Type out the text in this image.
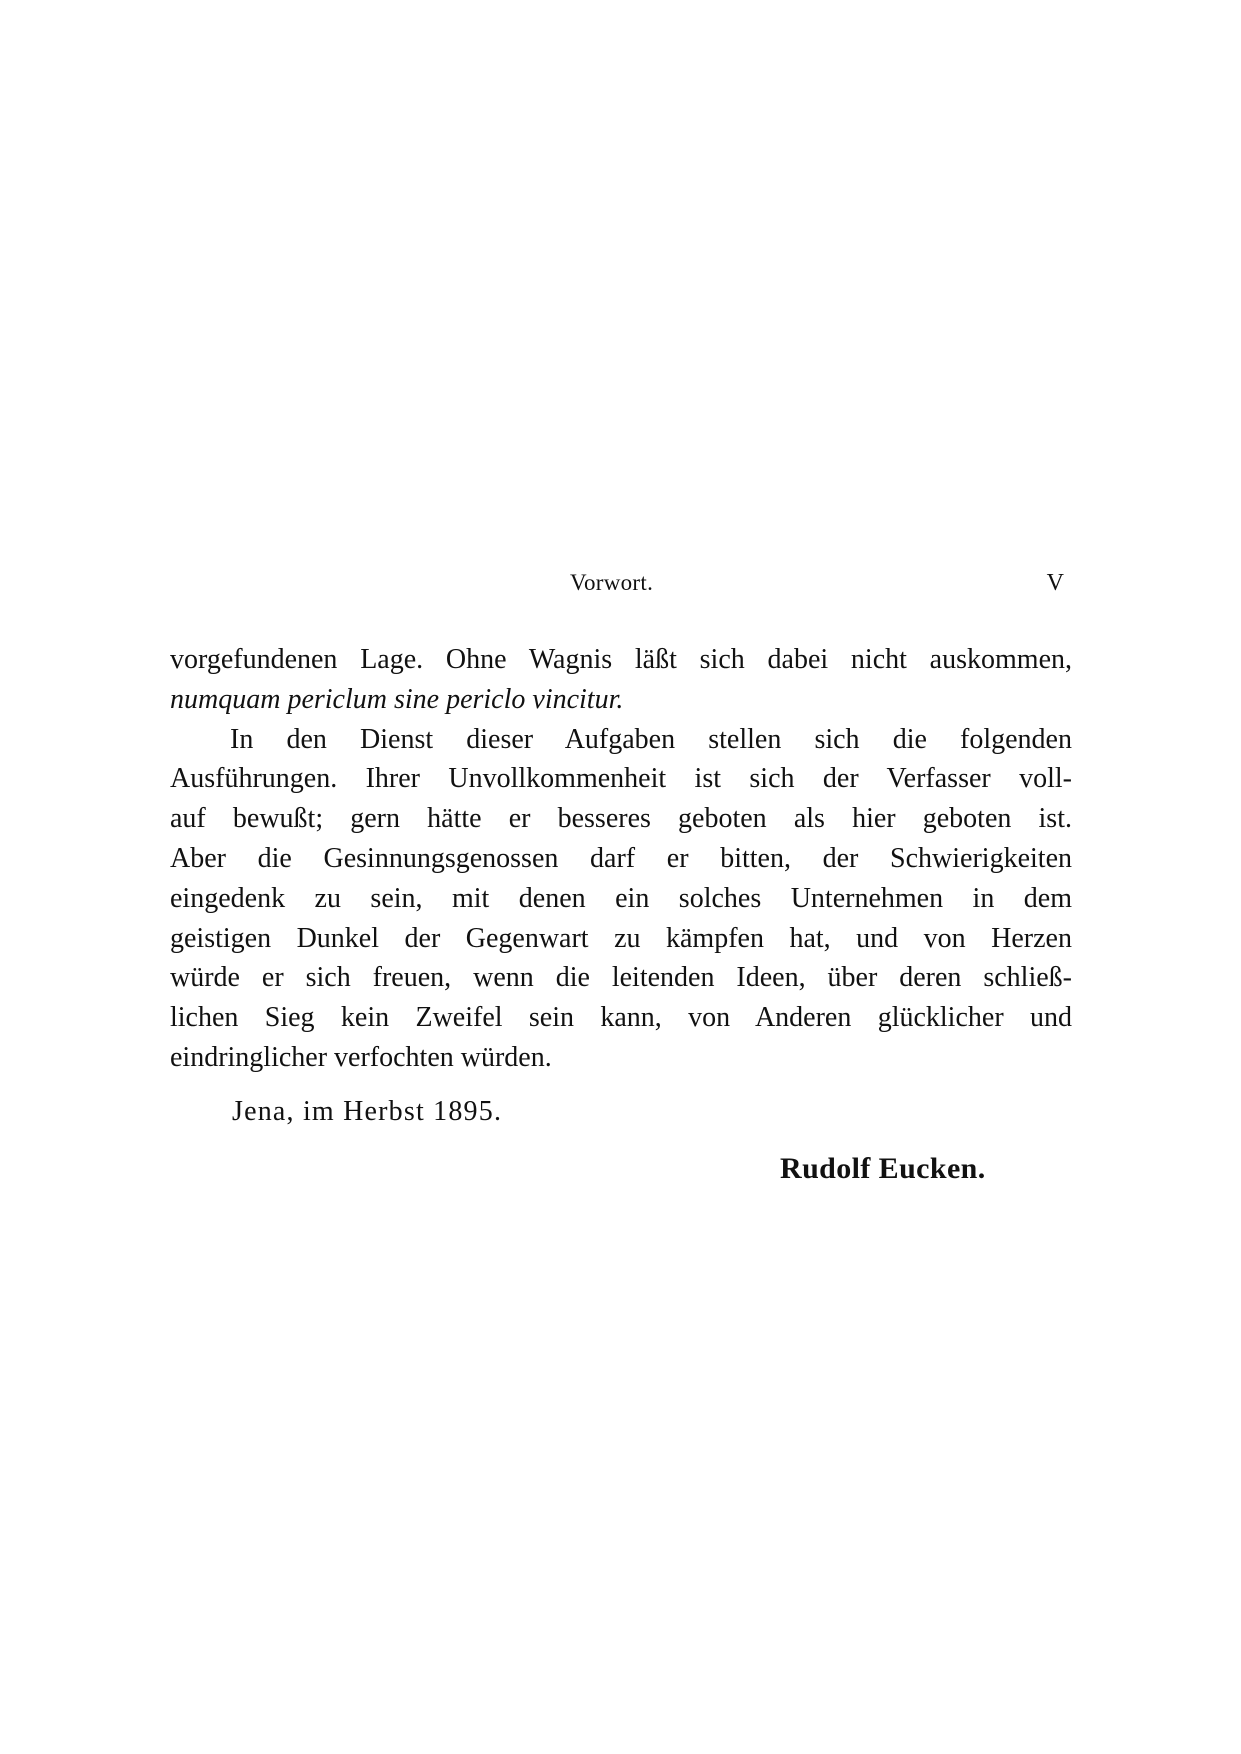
Vorwort.	V
vorgefundenen Lage. Ohne Wagnis läßt sich dabei nicht auskommen,
numquam periclum sine periclo vincitur.
In den Dienst dieser Aufgaben stellen sich die folgenden
Ausführungen. Ihrer Unvollkommenheit ist sich der Verfasser voll-
auf bewußt; gern hätte er besseres geboten als hier geboten ist.
Aber die Gesinnungsgenossen darf er bitten, der Schwierigkeiten
eingedenk zu sein, mit denen ein solches Unternehmen in dem
geistigen Dunkel der Gegenwart zu kämpfen hat, und von Herzen
würde er sich freuen, wenn die leitenden Ideen, über deren schließ-
lichen Sieg kein Zweifel sein kann, von Anderen glücklicher und
eindringlicher verfochten würden.
Jena, im Herbst 1895.
Rudolf Eucken.
